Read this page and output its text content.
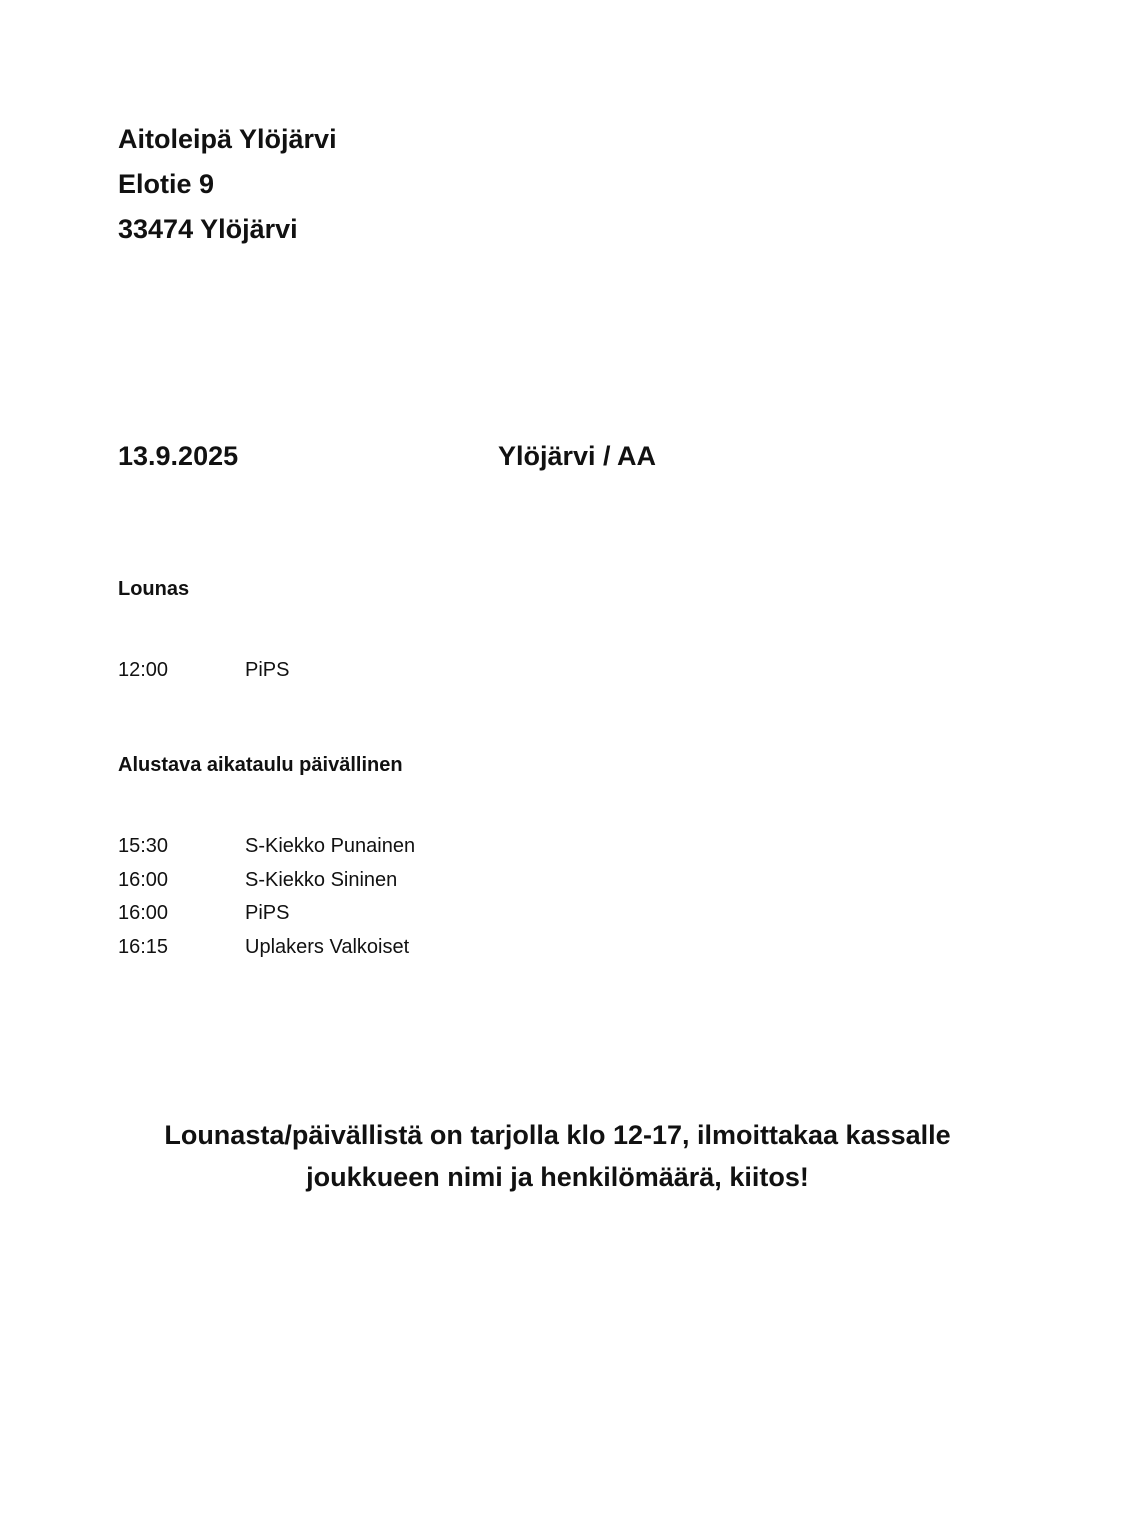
Aitoleipä Ylöjärvi
Elotie 9
33474 Ylöjärvi
13.9.2025	Ylöjärvi / AA
Lounas
12:00	PiPS
Alustava aikataulu päivällinen
15:30	S-Kiekko Punainen
16:00	S-Kiekko Sininen
16:00	PiPS
16:15	Uplakers Valkoiset
Lounasta/päivällistä on tarjolla klo 12-17, ilmoittakaa kassalle
joukkueen nimi ja henkilömäärä, kiitos!
